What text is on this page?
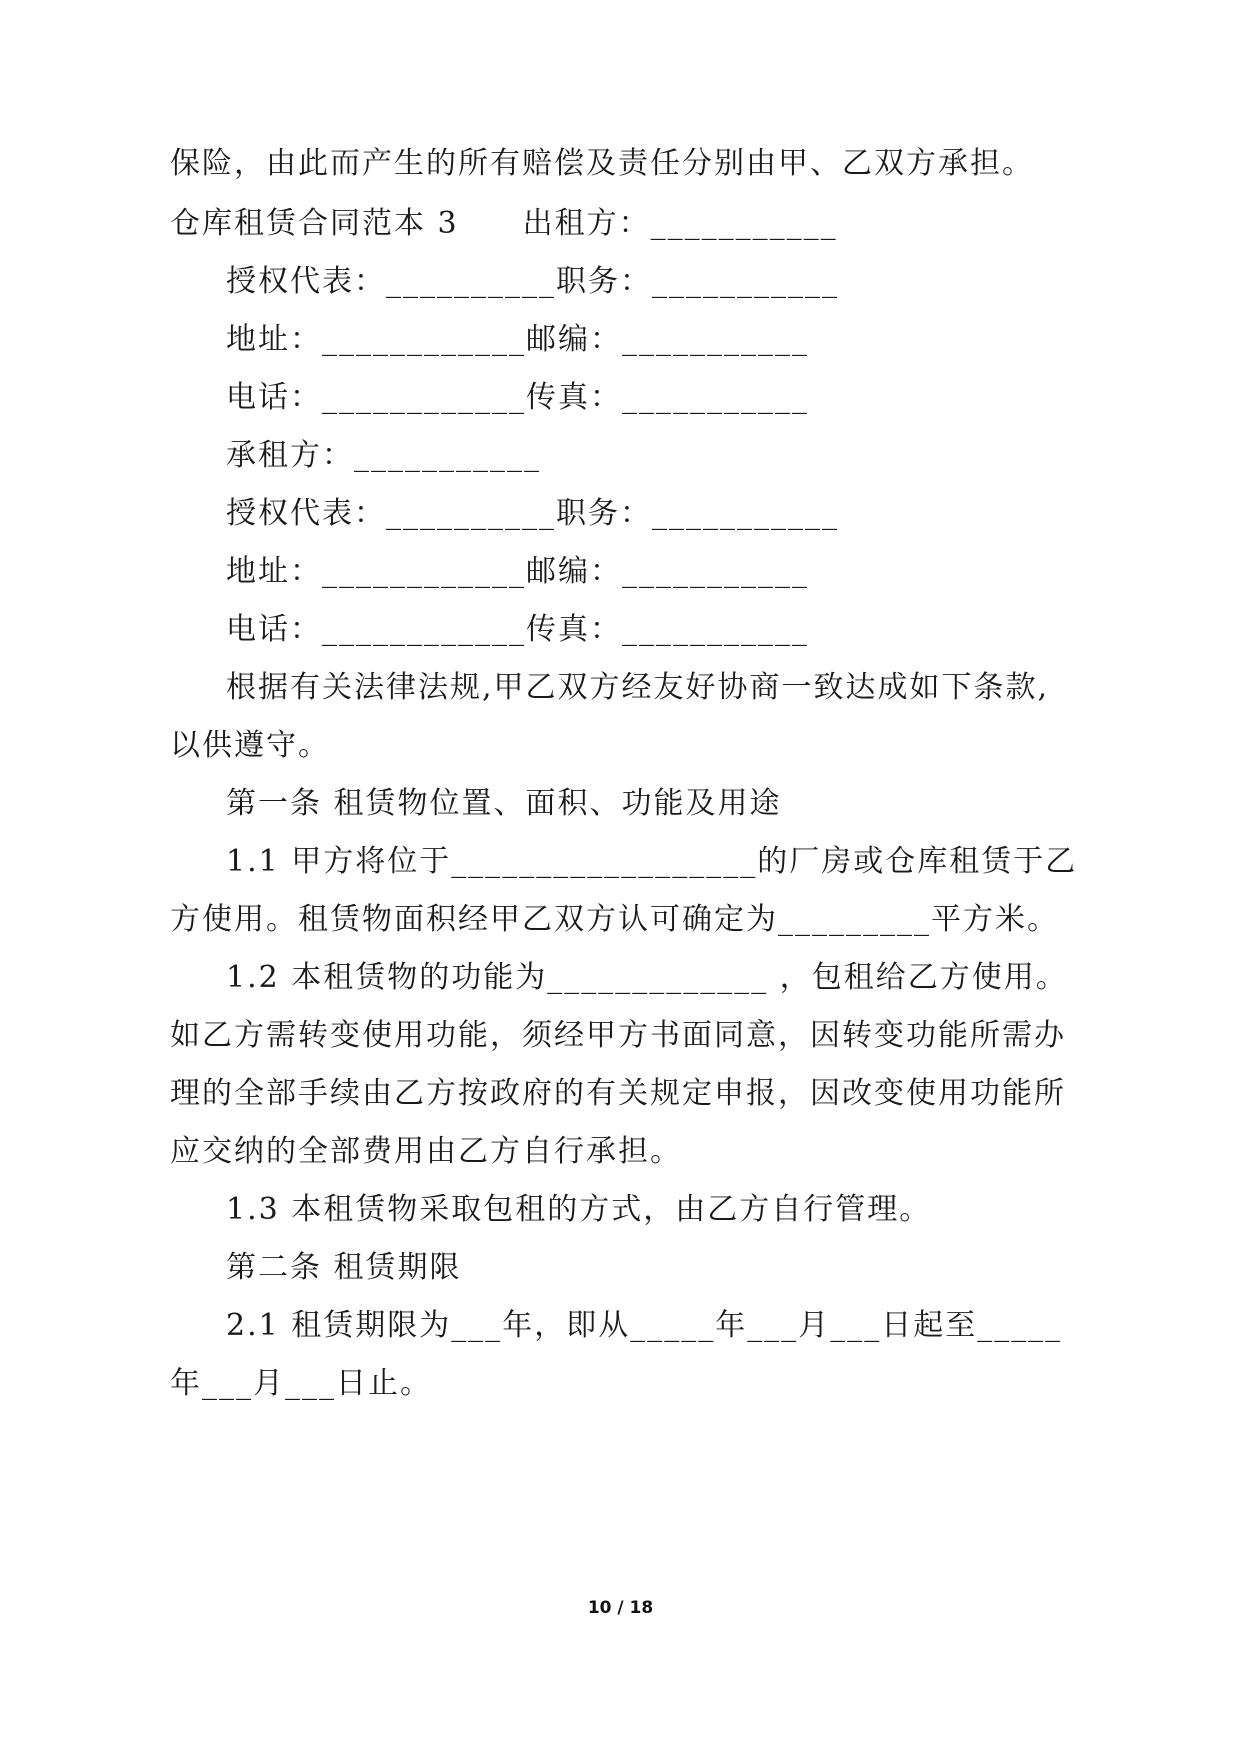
保险，由此而产生的所有赔偿及责任分别由甲、乙双方承担。
仓库租赁合同范本 3　　出租方：___________
授权代表：__________职务：___________
地址：____________邮编：___________
电话：____________传真：___________
承租方：___________
授权代表：__________职务：___________
地址：____________邮编：___________
电话：____________传真：___________
根据有关法律法规,甲乙双方经友好协商一致达成如下条款,
以供遵守。
第一条 租赁物位置、面积、功能及用途
1.1 甲方将位于__________________的厂房或仓库租赁于乙
方使用。租赁物面积经甲乙双方认可确定为_________平方米。
1.2 本租赁物的功能为_____________ ，包租给乙方使用。
如乙方需转变使用功能，须经甲方书面同意，因转变功能所需办
理的全部手续由乙方按政府的有关规定申报，因改变使用功能所
应交纳的全部费用由乙方自行承担。
1.3 本租赁物采取包租的方式，由乙方自行管理。
第二条 租赁期限
2.1 租赁期限为___年，即从_____年___月___日起至_____
年___月___日止。
10 / 18
